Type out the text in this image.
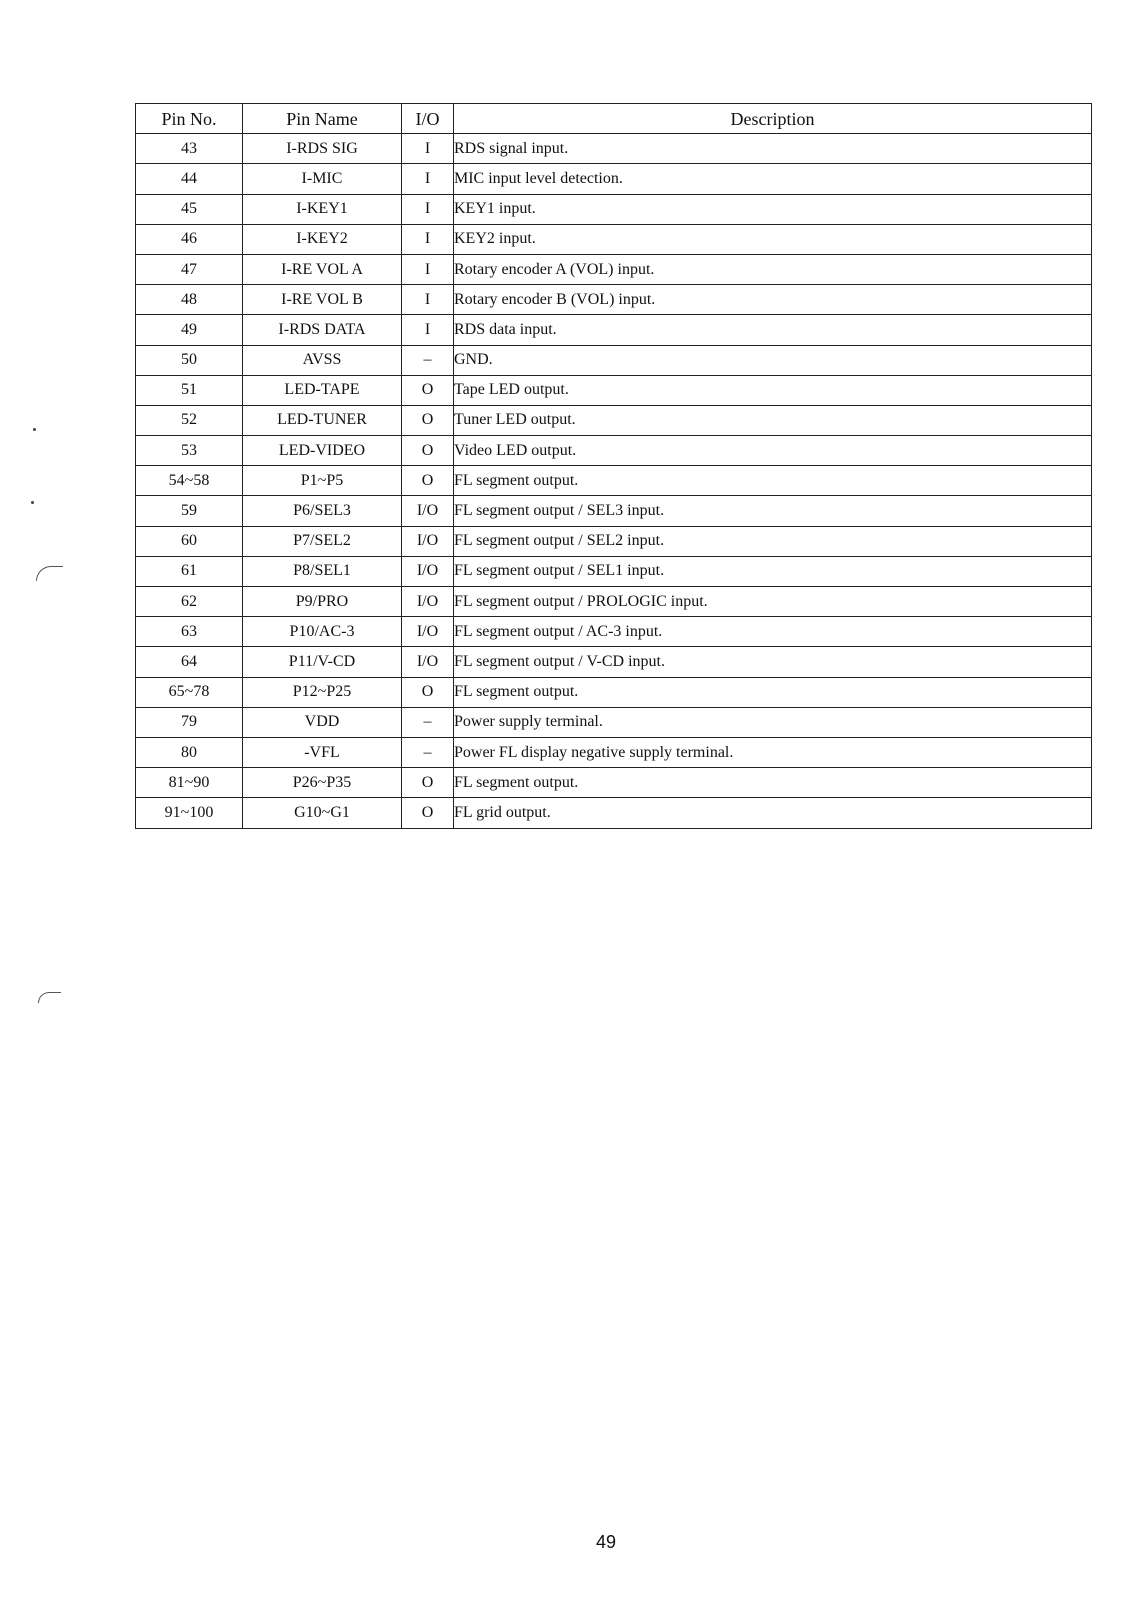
Pin No.	Pin Name	I/O	Description
43	I-RDS SIG	I	RDS signal input.
44	I-MIC	I	MIC input level detection.
45	I-KEY1	I	KEY1 input.
46	I-KEY2	I	KEY2 input.
47	I-RE VOL A	I	Rotary encoder A (VOL) input.
48	I-RE VOL B	I	Rotary encoder B (VOL) input.
49	I-RDS DATA	I	RDS data input.
50	AVSS	–	GND.
51	LED-TAPE	O	Tape LED output.
52	LED-TUNER	O	Tuner LED output.
53	LED-VIDEO	O	Video LED output.
54~58	P1~P5	O	FL segment output.
59	P6/SEL3	I/O	FL segment output / SEL3 input.
60	P7/SEL2	I/O	FL segment output / SEL2 input.
61	P8/SEL1	I/O	FL segment output / SEL1 input.
62	P9/PRO	I/O	FL segment output / PROLOGIC input.
63	P10/AC-3	I/O	FL segment output / AC-3 input.
64	P11/V-CD	I/O	FL segment output / V-CD input.
65~78	P12~P25	O	FL segment output.
79	VDD	–	Power supply terminal.
80	-VFL	–	Power FL display negative supply terminal.
81~90	P26~P35	O	FL segment output.
91~100	G10~G1	O	FL grid output.
49
